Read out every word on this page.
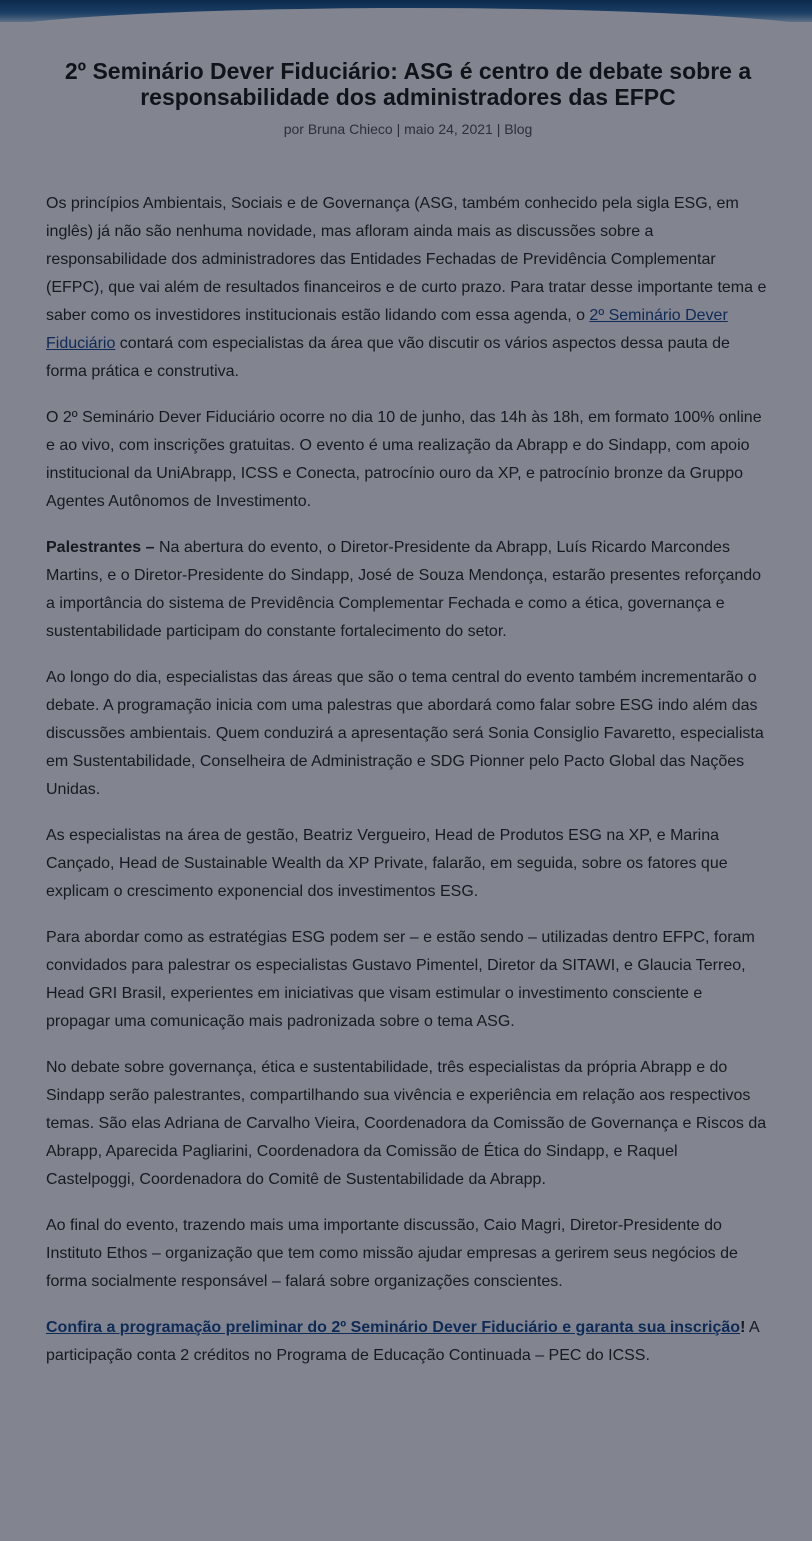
2º Seminário Dever Fiduciário: ASG é centro de debate sobre a responsabilidade dos administradores das EFPC
por Bruna Chieco | maio 24, 2021 | Blog

Os princípios Ambientais, Sociais e de Governança (ASG, também conhecido pela sigla ESG, em inglês) já não são nenhuma novidade, mas afloram ainda mais as discussões sobre a responsabilidade dos administradores das Entidades Fechadas de Previdência Complementar (EFPC), que vai além de resultados financeiros e de curto prazo. Para tratar desse importante tema e saber como os investidores institucionais estão lidando com essa agenda, o 2º Seminário Dever Fiduciário contará com especialistas da área que vão discutir os vários aspectos dessa pauta de forma prática e construtiva.

O 2º Seminário Dever Fiduciário ocorre no dia 10 de junho, das 14h às 18h, em formato 100% online e ao vivo, com inscrições gratuitas. O evento é uma realização da Abrapp e do Sindapp, com apoio institucional da UniAbrapp, ICSS e Conecta, patrocínio ouro da XP, e patrocínio bronze da Gruppo Agentes Autônomos de Investimento.

Palestrantes – Na abertura do evento, o Diretor-Presidente da Abrapp, Luís Ricardo Marcondes Martins, e o Diretor-Presidente do Sindapp, José de Souza Mendonça, estarão presentes reforçando a importância do sistema de Previdência Complementar Fechada e como a ética, governança e sustentabilidade participam do constante fortalecimento do setor.

Ao longo do dia, especialistas das áreas que são o tema central do evento também incrementarão o debate. A programação inicia com uma palestras que abordará como falar sobre ESG indo além das discussões ambientais. Quem conduzirá a apresentação será Sonia Consiglio Favaretto, especialista em Sustentabilidade, Conselheira de Administração e SDG Pionner pelo Pacto Global das Nações Unidas.

As especialistas na área de gestão, Beatriz Vergueiro, Head de Produtos ESG na XP, e Marina Cançado, Head de Sustainable Wealth da XP Private, falarão, em seguida, sobre os fatores que explicam o crescimento exponencial dos investimentos ESG.

Para abordar como as estratégias ESG podem ser – e estão sendo – utilizadas dentro EFPC, foram convidados para palestrar os especialistas Gustavo Pimentel, Diretor da SITAWI, e Glaucia Terreo, Head GRI Brasil, experientes em iniciativas que visam estimular o investimento consciente e propagar uma comunicação mais padronizada sobre o tema ASG.

No debate sobre governança, ética e sustentabilidade, três especialistas da própria Abrapp e do Sindapp serão palestrantes, compartilhando sua vivência e experiência em relação aos respectivos temas. São elas Adriana de Carvalho Vieira, Coordenadora da Comissão de Governança e Riscos da Abrapp, Aparecida Pagliarini, Coordenadora da Comissão de Ética do Sindapp, e Raquel Castelpoggi, Coordenadora do Comitê de Sustentabilidade da Abrapp.

Ao final do evento, trazendo mais uma importante discussão, Caio Magri, Diretor-Presidente do Instituto Ethos – organização que tem como missão ajudar empresas a gerirem seus negócios de forma socialmente responsável – falará sobre organizações conscientes.

Confira a programação preliminar do 2º Seminário Dever Fiduciário e garanta sua inscrição! A participação conta 2 créditos no Programa de Educação Continuada – PEC do ICSS.
